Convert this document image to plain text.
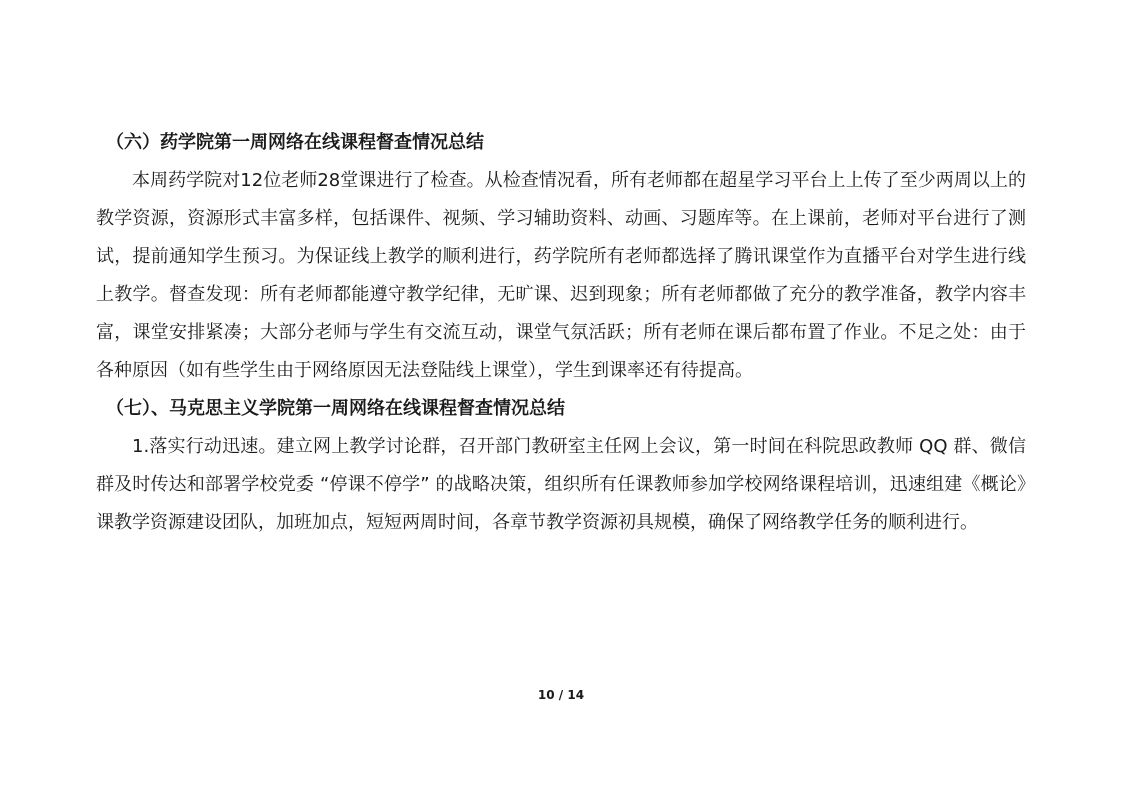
（六）药学院第一周网络在线课程督查情况总结

本周药学院对12位老师28堂课进行了检查。从检查情况看，所有老师都在超星学习平台上上传了至少两周以上的教学资源，资源形式丰富多样，包括课件、视频、学习辅助资料、动画、习题库等。在上课前，老师对平台进行了测试，提前通知学生预习。为保证线上教学的顺利进行，药学院所有老师都选择了腾讯课堂作为直播平台对学生进行线上教学。督查发现：所有老师都能遵守教学纪律，无旷课、迟到现象；所有老师都做了充分的教学准备，教学内容丰富，课堂安排紧凑；大部分老师与学生有交流互动，课堂气氛活跃；所有老师在课后都布置了作业。不足之处：由于各种原因（如有些学生由于网络原因无法登陆线上课堂），学生到课率还有待提高。

（七）、马克思主义学院第一周网络在线课程督查情况总结

1.落实行动迅速。建立网上教学讨论群，召开部门教研室主任网上会议，第一时间在科院思政教师 QQ 群、微信群及时传达和部署学校党委 “停课不停学” 的战略决策，组织所有任课教师参加学校网络课程培训，迅速组建《概论》课教学资源建设团队，加班加点，短短两周时间，各章节教学资源初具规模，确保了网络教学任务的顺利进行。

10 / 14
